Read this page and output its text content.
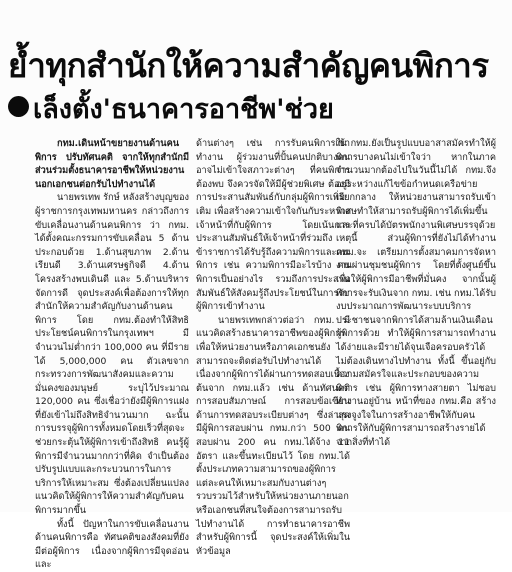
ย้ำทุกสำนักให้ความสำคัญคนพิการ
เล็งตั้ง'ธนาคารอาชีพ'ช่วย

กทม.เดินหน้าขยายงานด้านคนพิการ ปรับทัศนคติ จากให้ทุกสำนักมีส่วนร่วมตั้งธนาคารอาชีพให้หน่วยงานนอกเอกชนต่อกรับไปทำงานได้

นายพรเทพ รักษ์ หลังสร้างบุญของผู้ราชการกรุงเทพมหานคร กล่าวถึงการขับเคลื่อนงานด้านคนพิการ ว่า กทม. ได้ตั้งคณะกรรมการขับเคลื่อน 5 ด้าน ประกอบด้วย 1.ด้านสุขภาพ 2.ด้านเรียนดี 3.ด้านเศรษฐกิจดี 4.ด้านโครงสร้างพบเดินดี และ 5.ด้านบริหารจัดการดี จุดประสงค์เพื่อต้องการให้ทุกสำนักให้ความสำคัญกับงานด้านคนพิการ โดย กทม.ต้องทำให้สิทธิประโยชน์คนพิการในกรุงเทพฯ มีจำนวนไม่ต่ำกว่า 100,000 คน ที่มีรายได้ 5,000,000 คน ตัวเลขจากกระทรวงการพัฒนาสังคมและความมั่นคงของมนุษย์ ระบุไว้ประมาณ 120,000 คน ซึ่งเชื่อว่ายังมีผู้พิการแฝงที่ยังเข้าไม่ถึงสิทธิจำนวนมาก ฉะนั้นการบรรจุผู้พิการทั้งหมดโดยเร็วที่สุดจะช่วยกระตุ้นให้ผู้พิการเข้าถึงสิทธิ คนรู้ผู้พิการมีจำนวนมากกว่าที่คิด จำเป็นต้องปรับรูปแบบและกระบวนการในการบริการให้เหมาะสม ซึ่งต้องเปลี่ยนแปลงแนวคิดให้ผู้พิการให้ความสำคัญกับคนพิการมากขึ้น

ทั้งนี้ ปัญหาในการขับเคลื่อนงานด้านคนพิการคือ ทัศนคติของสังคมที่ยังมีต่อผู้พิการ เนื่องจากผู้พิการมีจุดอ่อนและ

ด้านต่างๆ เช่น การรับคนพิการเข้าทำงาน ผู้ร่วมงานที่ปั้นคนปกติบางคนอาจไม่เข้าใจสภาวะต่างๆ ที่คนพิการต้องพบ จึงควรจัดให้มีผู้ช่วยพิเศษ ต้องมีการประสานสัมพันธ์กับกลุ่มผู้พิการเพิ่มเติม เพื่อสร้างความเข้าใจกันกับระหว่างเจ้าหน้าที่กับผู้พิการ โดยเน้นการประสานสัมพันธ์ให้เจ้าหน้าที่ร่วมถึงข้าราชการได้รับรู้ถึงความพิการและคนพิการ เช่น ความพิการมีอะไรบ้าง คนพิการเป็นอย่างไร รวมถึงการประสานสัมพันธ์ให้สังคมรู้ถึงประโยชน์ในการรับผู้พิการเข้าทำงาน

นายพรเทพกล่าวต่อว่า กทม. มีแนวคิดสร้างธนาคารอาชีพของผู้พิการ เพื่อให้หน่วยงานหรือภาคเอกชนยังสามารถจะติดต่อรับไปทำงานได้ เนื่องจากผู้พิการได้ผ่านการทดสอบเบื้องต้นจาก กทม.แล้ว เช่น ด้านทัศนคติ การสอบสัมภาษณ์ การสอบข้อเขียน ด้านการทดสอบระเบียบต่างๆ ซึ่งล่าสุดมีผู้พิการสอบผ่าน กทม.กว่า 500 คน สอบผ่าน 200 คน กทม.ได้จ้าง 11 อัตรา และขึ้นทะเบียนไว้ โดย กทม.ได้ตั้งประเภทความสามารถของผู้พิการแต่ละคนให้เหมาะสมกับงานต่างๆ รวบรวมไว้สำหรับให้หน่วยงานภายนอก หรือเอกชนที่สนใจต้องการสามารถรับไปทำงานได้ การทำธนาคารอาชีพสำหรับผู้พิการนี้ จุดประสงค์ให้เพิ่มในหัวข้อมูล

ใน กทม.ยังเป็นรูปแบบอาสาสมัครทำให้ผู้พิการบางคนไม่เข้าใจว่า หากในภาคจำนวนมากต้องไปในวันนี้ไม่ได้ กทม.จึงอยู่ระหว่างแก้ไขข้อกำหนดเครือข่ายเรียกกลาง ให้หน่วยงานสามารถรับเข้าพิเศษทำให้สามารถรับผู้พิการได้เพิ่มขึ้น และที่ครบได้บัตรพนักงานพิเศษบรรจุด้วยเหตุนี้ ส่วนผู้พิการที่ยังไม่ได้ทำงาน กทม.จะ เตรียมการตั้งสมาคมการจัดหางานผ่านชุมชนผู้พิการ โดยที่ตั้งศูนย์ขึ้น เพื่อให้ผู้พิการมีอาชีพที่มั่นคง จากนั้นผู้พิการจะรับเงินจาก กทม. เช่น กทม.ได้รับงบประมาณการพัฒนาระบบบริการประชาชนจากพิการได้สามล้านเงินเดือนผู้พิการด้วย ทำให้ผู้พิการสามารถทำงานได้ง่ายและมีรายได้จุนเจือครอบครัวได้ ไม่ต้องเดินทางไปทำงาน ทั้งนี้ ขึ้นอยู่กับความสมัครใจและประกอบของความพิการ เช่น ผู้พิการทางสายตา ไม่ชอบทำงานอยู่บ้าน หน้าที่ของ กทม.คือ สร้างแรงจูงใจในการสร้างอาชีพให้กับคนพิการให้กับผู้พิการสามารถสร้างรายได้จากสิ่งที่ทำได้
